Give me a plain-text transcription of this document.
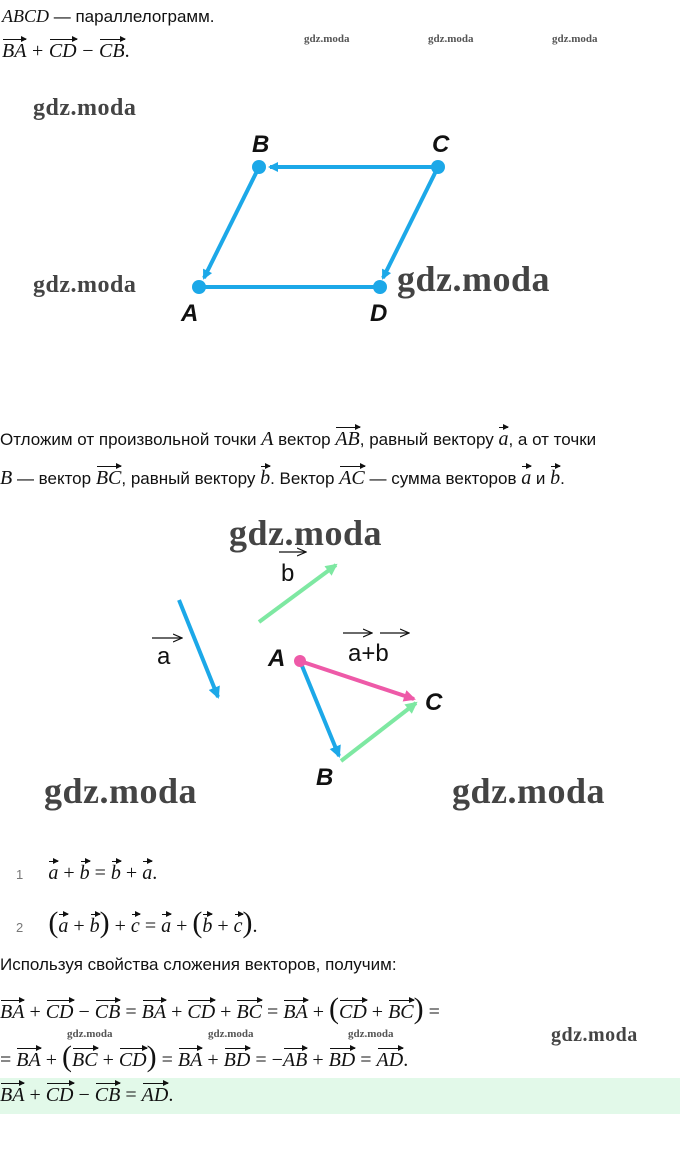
ABCD — параллелограмм.
BA + CD − CB.
gdz.moda	gdz.moda	gdz.moda
B	C
A	D
gdz.moda
gdz.moda	gdz.moda
Отложим от произвольной точки A вектор AB, равный вектору a, а от точки
B — вектор BC, равный вектору b. Вектор AC — сумма векторов a и b.
gdz.moda
a
b
a+b
A
C
B
gdz.moda	gdz.moda
1 a + b = b + a.
2 (a + b) + c = a + (b + c).
Используя свойства сложения векторов, получим:
BA + CD − CB = BA + CD + BC = BA + (CD + BC) =
gdz.moda	gdz.moda	gdz.moda	gdz.moda
= BA + (BC + CD) = BA + BD = −AB + BD = AD.
BA + CD − CB = AD.
